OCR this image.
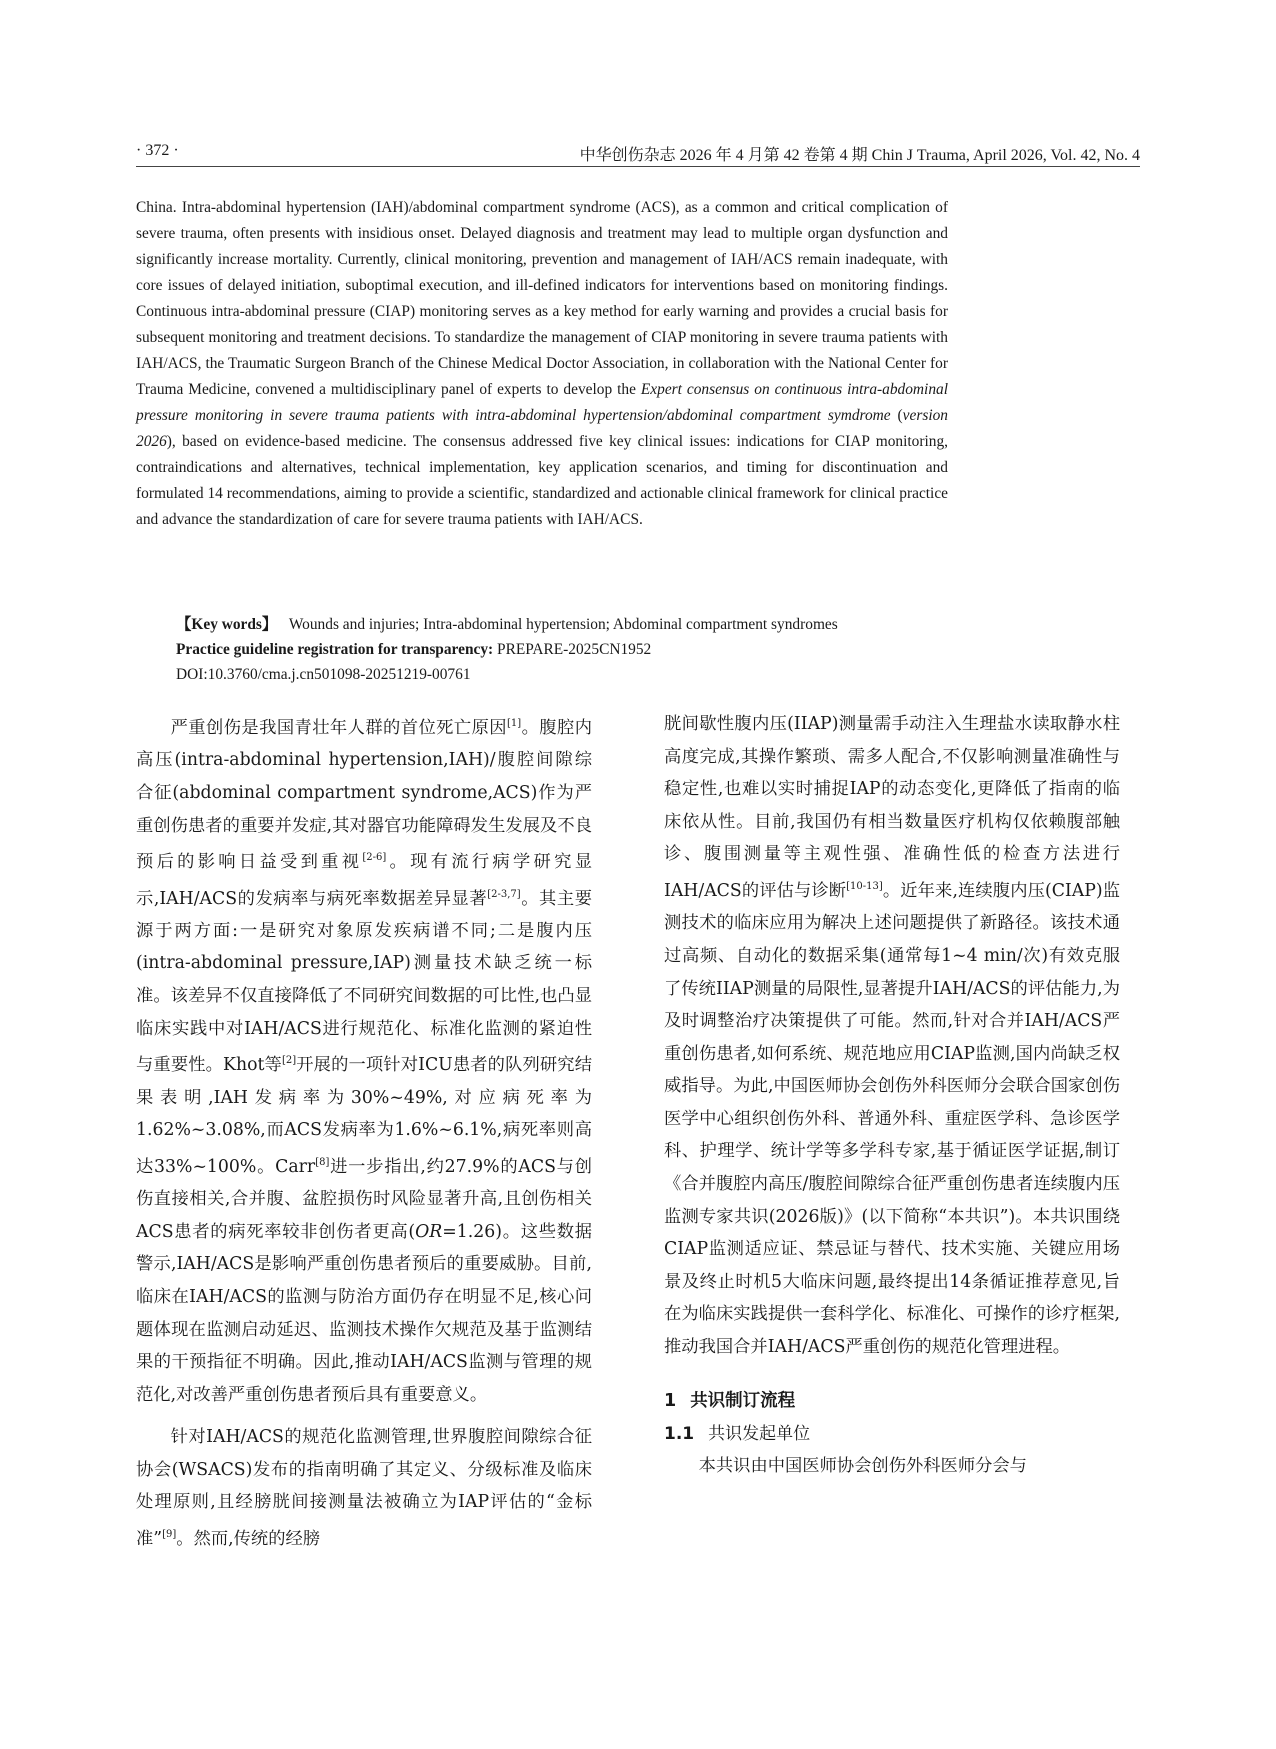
· 372 ·	中华创伤杂志 2026 年 4 月第 42 卷第 4 期 Chin J Trauma, April 2026, Vol. 42, No. 4

China. Intra-abdominal hypertension (IAH)/abdominal compartment syndrome (ACS), as a common and critical complication of severe trauma, often presents with insidious onset. Delayed diagnosis and treatment may lead to multiple organ dysfunction and significantly increase mortality. Currently, clinical monitoring, prevention and management of IAH/ACS remain inadequate, with core issues of delayed initiation, suboptimal execution, and ill-defined indicators for interventions based on monitoring findings. Continuous intra-abdominal pressure (CIAP) monitoring serves as a key method for early warning and provides a crucial basis for subsequent monitoring and treatment decisions. To standardize the management of CIAP monitoring in severe trauma patients with IAH/ACS, the Traumatic Surgeon Branch of the Chinese Medical Doctor Association, in collaboration with the National Center for Trauma Medicine, convened a multidisciplinary panel of experts to develop the Expert consensus on continuous intra-abdominal pressure monitoring in severe trauma patients with intra-abdominal hypertension/abdominal compartment symdrome (version 2026), based on evidence-based medicine. The consensus addressed five key clinical issues: indications for CIAP monitoring, contraindications and alternatives, technical implementation, key application scenarios, and timing for discontinuation and formulated 14 recommendations, aiming to provide a scientific, standardized and actionable clinical framework for clinical practice and advance the standardization of care for severe trauma patients with IAH/ACS.

【Key words】 Wounds and injuries; Intra-abdominal hypertension; Abdominal compartment syndromes
Practice guideline registration for transparency: PREPARE-2025CN1952
DOI:10.3760/cma.j.cn501098-20251219-00761

严重创伤是我国青壮年人群的首位死亡原因[1]。腹腔内高压(intra-abdominal hypertension,IAH)/腹腔间隙综合征(abdominal compartment syndrome,ACS)作为严重创伤患者的重要并发症,其对器官功能障碍发生发展及不良预后的影响日益受到重视[2-6]。现有流行病学研究显示,IAH/ACS的发病率与病死率数据差异显著[2-3,7]。其主要源于两方面:一是研究对象原发疾病谱不同;二是腹内压(intra-abdominal pressure,IAP)测量技术缺乏统一标准。该差异不仅直接降低了不同研究间数据的可比性,也凸显临床实践中对IAH/ACS进行规范化、标准化监测的紧迫性与重要性。Khot等[2]开展的一项针对ICU患者的队列研究结果表明,IAH发病率为30%~49%,对应病死率为1.62%~3.08%,而ACS发病率为1.6%~6.1%,病死率则高达33%~100%。Carr[8]进一步指出,约27.9%的ACS与创伤直接相关,合并腹、盆腔损伤时风险显著升高,且创伤相关ACS患者的病死率较非创伤者更高(OR=1.26)。这些数据警示,IAH/ACS是影响严重创伤患者预后的重要威胁。目前,临床在IAH/ACS的监测与防治方面仍存在明显不足,核心问题体现在监测启动延迟、监测技术操作欠规范及基于监测结果的干预指征不明确。因此,推动IAH/ACS监测与管理的规范化,对改善严重创伤患者预后具有重要意义。

针对IAH/ACS的规范化监测管理,世界腹腔间隙综合征协会(WSACS)发布的指南明确了其定义、分级标准及临床处理原则,且经膀胱间接测量法被确立为IAP评估的“金标准”[9]。然而,传统的经膀

胱间歇性腹内压(IIAP)测量需手动注入生理盐水读取静水柱高度完成,其操作繁琐、需多人配合,不仅影响测量准确性与稳定性,也难以实时捕捉IAP的动态变化,更降低了指南的临床依从性。目前,我国仍有相当数量医疗机构仅依赖腹部触诊、腹围测量等主观性强、准确性低的检查方法进行IAH/ACS的评估与诊断[10-13]。近年来,连续腹内压(CIAP)监测技术的临床应用为解决上述问题提供了新路径。该技术通过高频、自动化的数据采集(通常每1~4 min/次)有效克服了传统IIAP测量的局限性,显著提升IAH/ACS的评估能力,为及时调整治疗决策提供了可能。然而,针对合并IAH/ACS严重创伤患者,如何系统、规范地应用CIAP监测,国内尚缺乏权威指导。为此,中国医师协会创伤外科医师分会联合国家创伤医学中心组织创伤外科、普通外科、重症医学科、急诊医学科、护理学、统计学等多学科专家,基于循证医学证据,制订《合并腹腔内高压/腹腔间隙综合征严重创伤患者连续腹内压监测专家共识(2026版)》(以下简称“本共识”)。本共识围绕CIAP监测适应证、禁忌证与替代、技术实施、关键应用场景及终止时机5大临床问题,最终提出14条循证推荐意见,旨在为临床实践提供一套科学化、标准化、可操作的诊疗框架,推动我国合并IAH/ACS严重创伤的规范化管理进程。

1 共识制订流程
1.1 共识发起单位

本共识由中国医师协会创伤外科医师分会与
